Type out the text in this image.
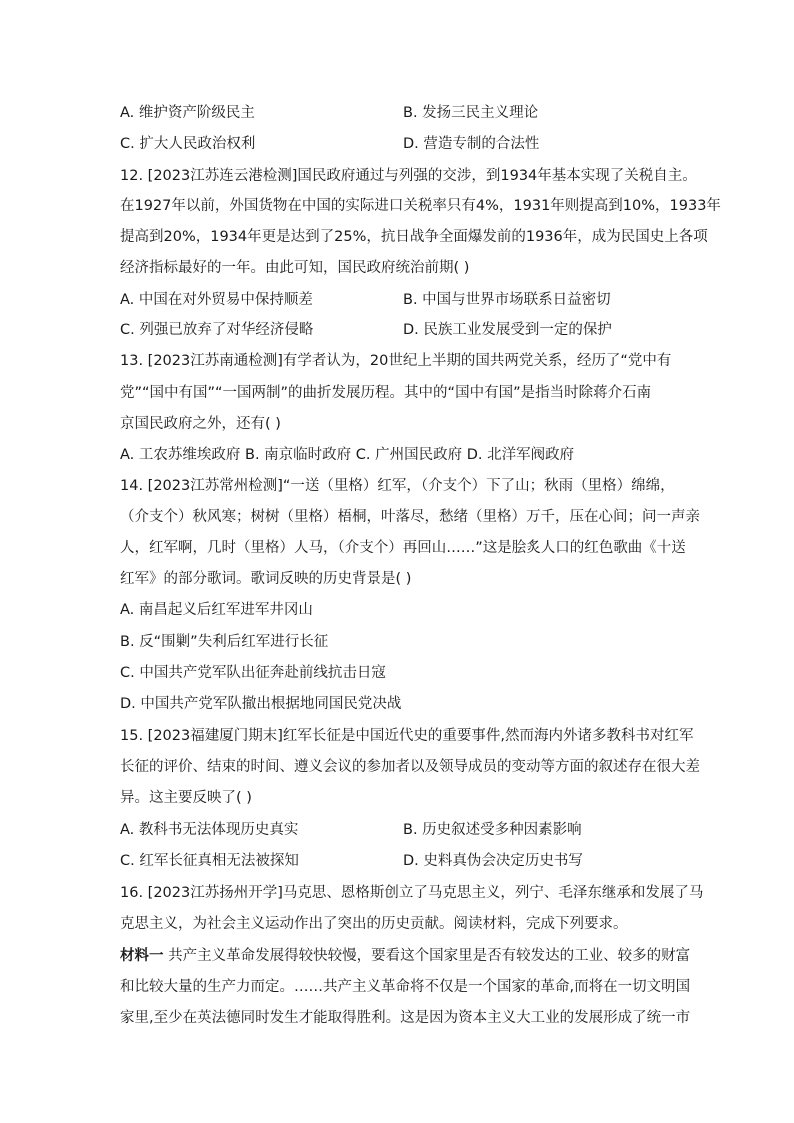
A. 维护资产阶级民主	B. 发扬三民主义理论
C. 扩大人民政治权利	D. 营造专制的合法性
12. [2023江苏连云港检测]国民政府通过与列强的交涉，到1934年基本实现了关税自主。
在1927年以前，外国货物在中国的实际进口关税率只有4%，1931年则提高到10%，1933年
提高到20%，1934年更是达到了25%，抗日战争全面爆发前的1936年，成为民国史上各项
经济指标最好的一年。由此可知，国民政府统治前期( )
A. 中国在对外贸易中保持顺差	B. 中国与世界市场联系日益密切
C. 列强已放弃了对华经济侵略	D. 民族工业发展受到一定的保护
13. [2023江苏南通检测]有学者认为，20世纪上半期的国共两党关系，经历了“党中有
党”“国中有国”“一国两制”的曲折发展历程。其中的“国中有国”是指当时除蒋介石南
京国民政府之外，还有( )
A. 工农苏维埃政府 B. 南京临时政府 C. 广州国民政府 D. 北洋军阀政府
14. [2023江苏常州检测]“一送（里格）红军，（介支个）下了山；秋雨（里格）绵绵，
（介支个）秋风寒；树树（里格）梧桐，叶落尽，愁绪（里格）万千，压在心间；问一声亲
人，红军啊，几时（里格）人马，（介支个）再回山……”这是脍炙人口的红色歌曲《十送
红军》的部分歌词。歌词反映的历史背景是( )
A. 南昌起义后红军进军井冈山
B. 反“围剿”失利后红军进行长征
C. 中国共产党军队出征奔赴前线抗击日寇
D. 中国共产党军队撤出根据地同国民党决战
15. [2023福建厦门期末]红军长征是中国近代史的重要事件,然而海内外诸多教科书对红军
长征的评价、结束的时间、遵义会议的参加者以及领导成员的变动等方面的叙述存在很大差
异。这主要反映了( )
A. 教科书无法体现历史真实	B. 历史叙述受多种因素影响
C. 红军长征真相无法被探知	D. 史料真伪会决定历史书写
16. [2023江苏扬州开学]马克思、恩格斯创立了马克思主义，列宁、毛泽东继承和发展了马
克思主义，为社会主义运动作出了突出的历史贡献。阅读材料，完成下列要求。
材料一 共产主义革命发展得较快较慢，要看这个国家里是否有较发达的工业、较多的财富
和比较大量的生产力而定。……共产主义革命将不仅是一个国家的革命,而将在一切文明国
家里,至少在英法德同时发生才能取得胜利。这是因为资本主义大工业的发展形成了统一市
